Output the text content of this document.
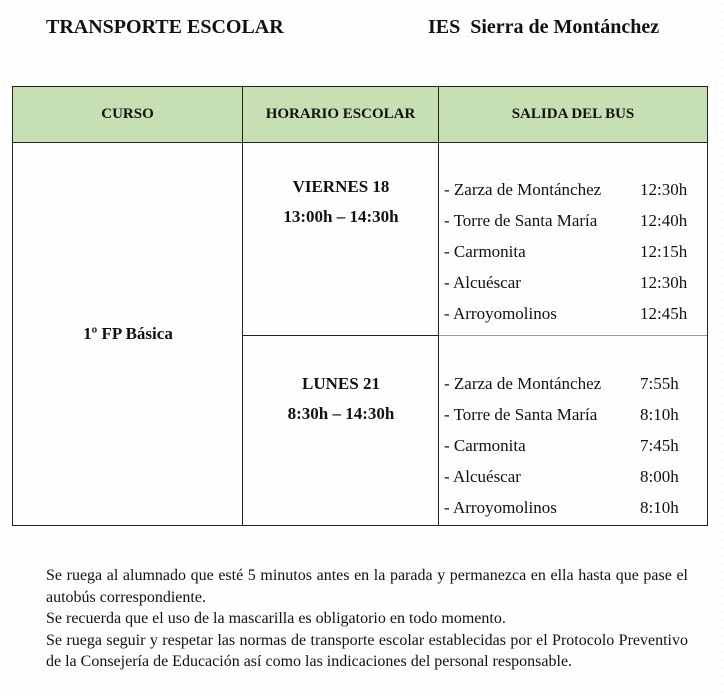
TRANSPORTE ESCOLAR	IES  Sierra de Montánchez
CURSO	HORARIO ESCOLAR	SALIDA DEL BUS
1º FP Básica
VIERNES 18
13:00h – 14:30h
LUNES 21
8:30h – 14:30h
- Zarza de Montánchez 12:30h
- Torre de Santa María	12:40h
- Carmonita	12:15h
- Alcuéscar	12:30h
- Arroyomolinos	12:45h
- Zarza de Montánchez 7:55h
- Torre de Santa María	8:10h
- Carmonita	7:45h
- Alcuéscar	8:00h
- Arroyomolinos	8:10h

Se ruega al alumnado que esté 5 minutos antes en la parada y permanezca en ella hasta que pase el autobús correspondiente.

Se recuerda que el uso de la mascarilla es obligatorio en todo momento.

Se ruega seguir y respetar las normas de transporte escolar establecidas por el Protocolo Preventivo de la Consejería de Educación así como las indicaciones del personal responsable.
